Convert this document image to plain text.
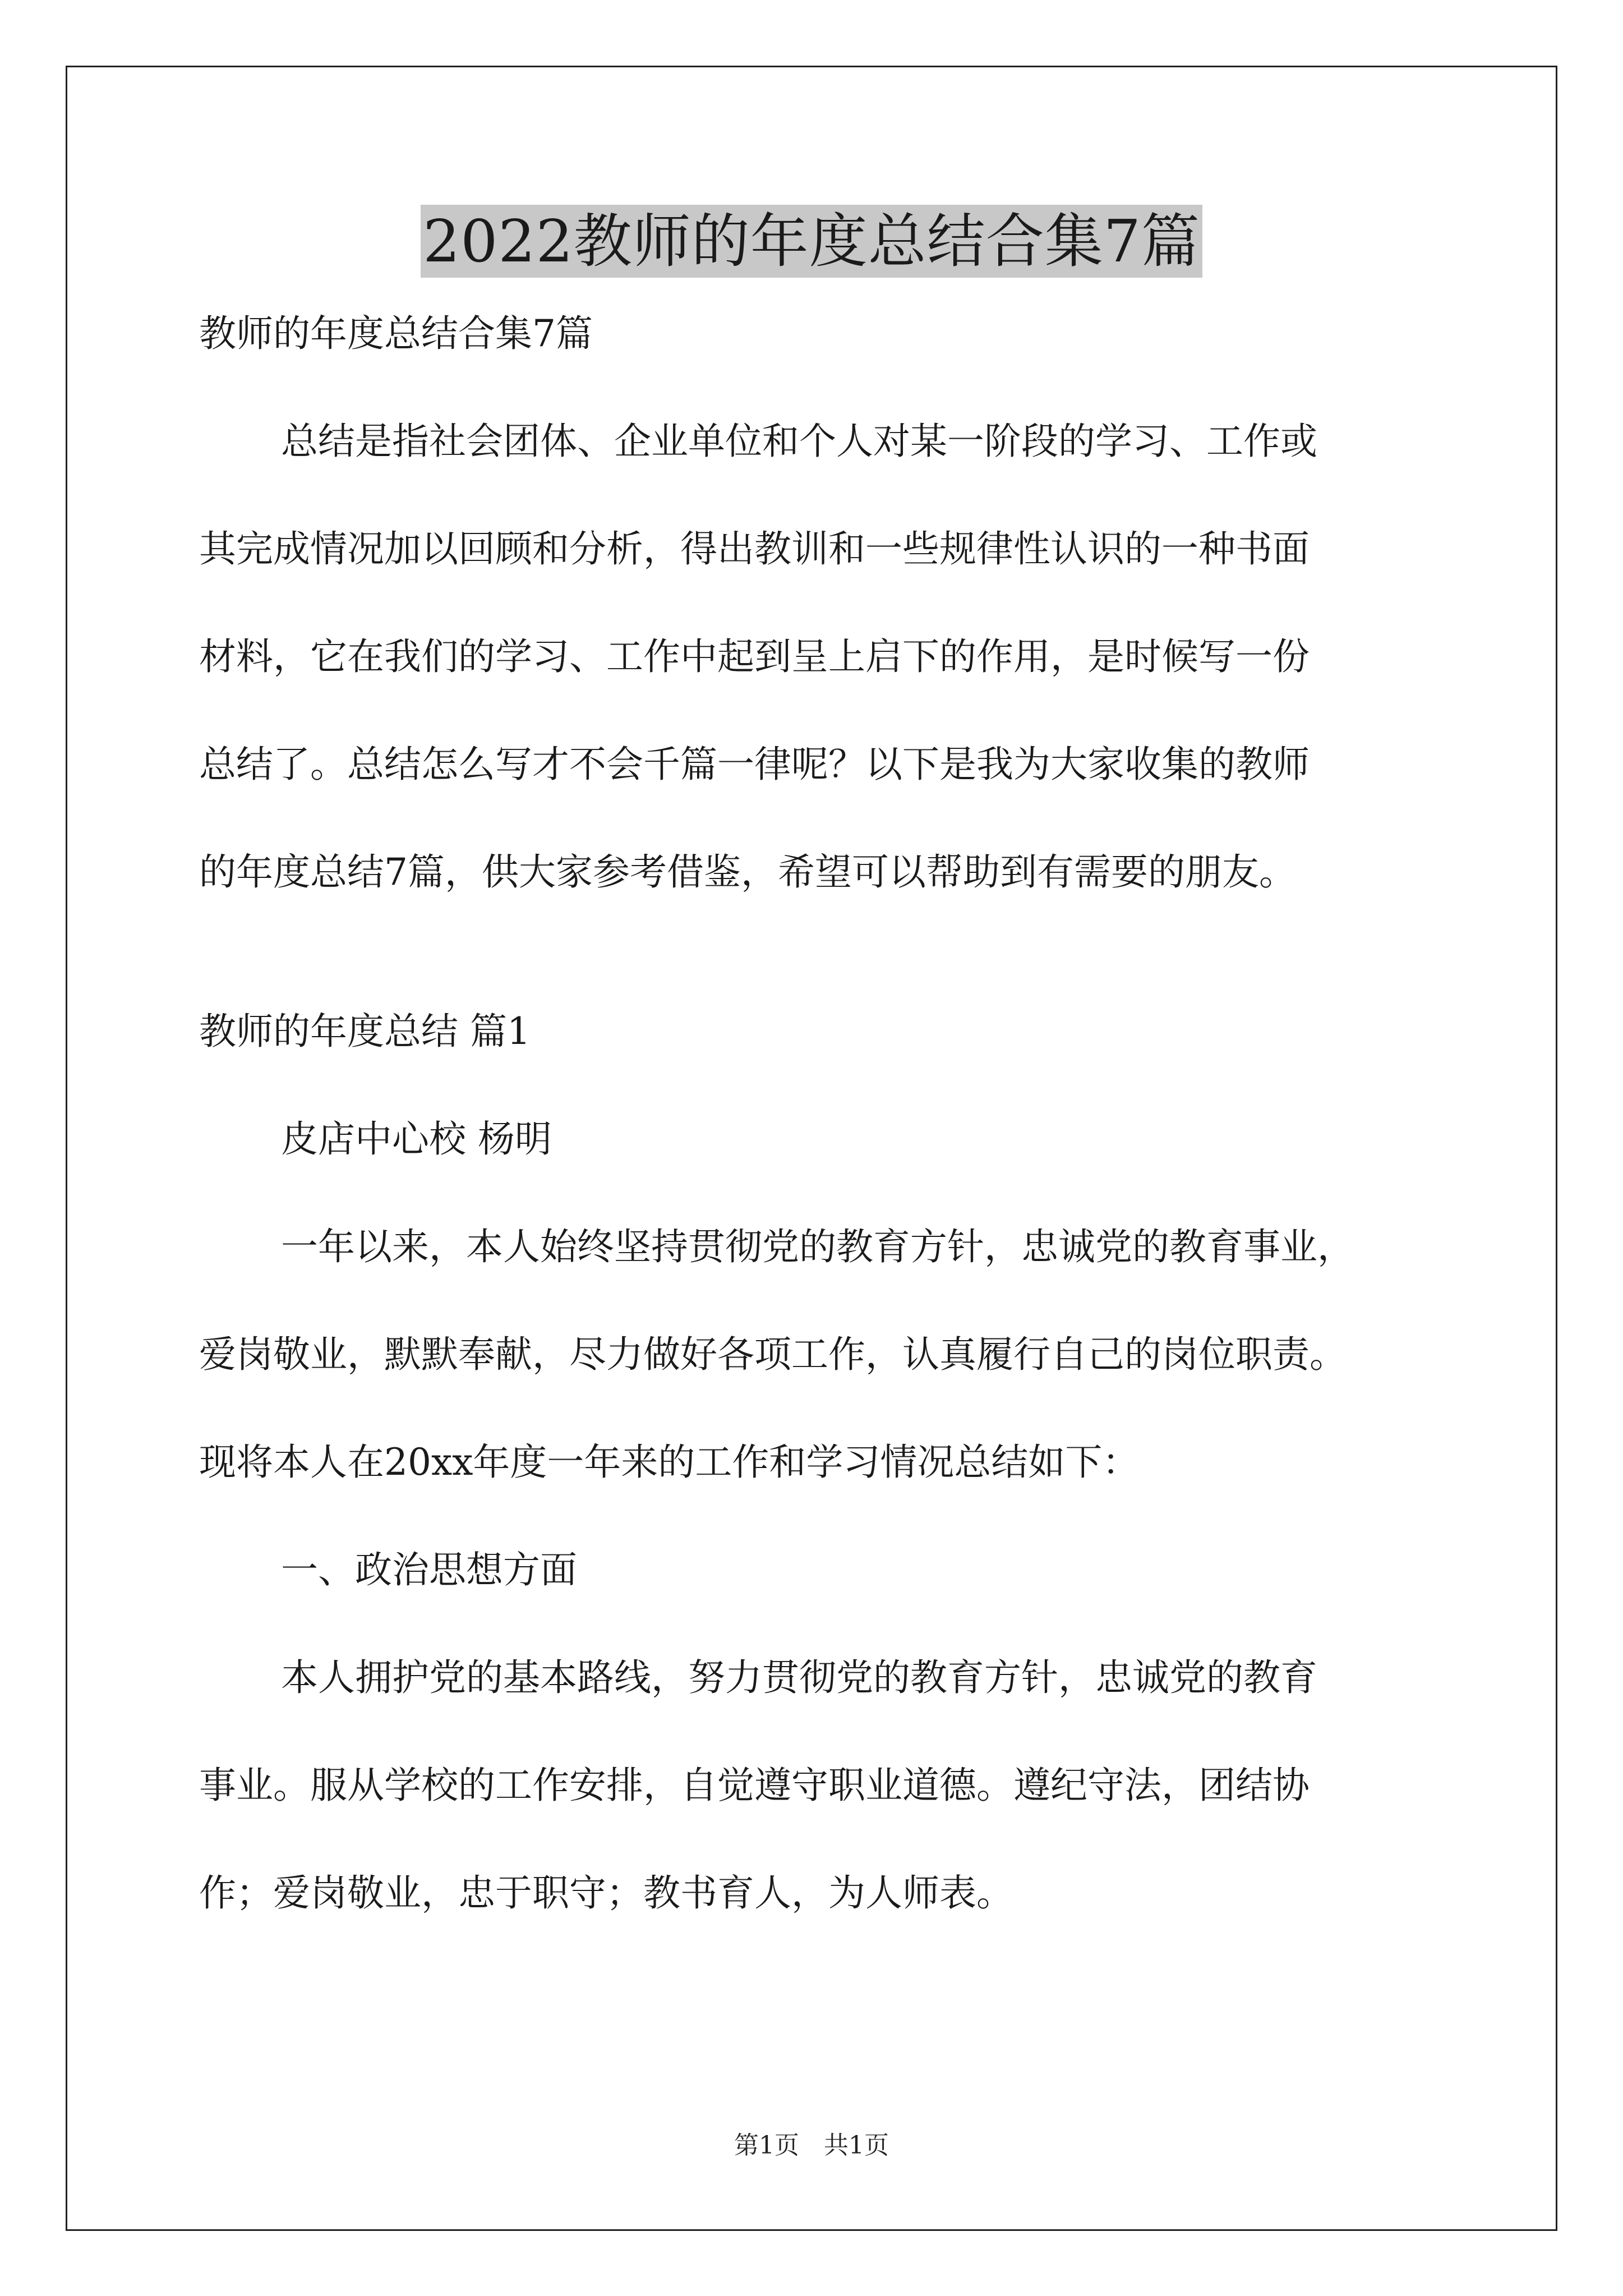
2022教师的年度总结合集7篇
教师的年度总结合集7篇
总结是指社会团体、企业单位和个人对某一阶段的学习、工作或
其完成情况加以回顾和分析，得出教训和一些规律性认识的一种书面
材料，它在我们的学习、工作中起到呈上启下的作用，是时候写一份
总结了。总结怎么写才不会千篇一律呢？以下是我为大家收集的教师
的年度总结7篇，供大家参考借鉴，希望可以帮助到有需要的朋友。
教师的年度总结 篇1
皮店中心校 杨明
一年以来，本人始终坚持贯彻党的教育方针，忠诚党的教育事业，
爱岗敬业，默默奉献，尽力做好各项工作，认真履行自己的岗位职责。
现将本人在20xx年度一年来的工作和学习情况总结如下：
一、政治思想方面
本人拥护党的基本路线，努力贯彻党的教育方针，忠诚党的教育
事业。服从学校的工作安排，自觉遵守职业道德。遵纪守法，团结协
作；爱岗敬业，忠于职守；教书育人，为人师表。
第1页　共1页
